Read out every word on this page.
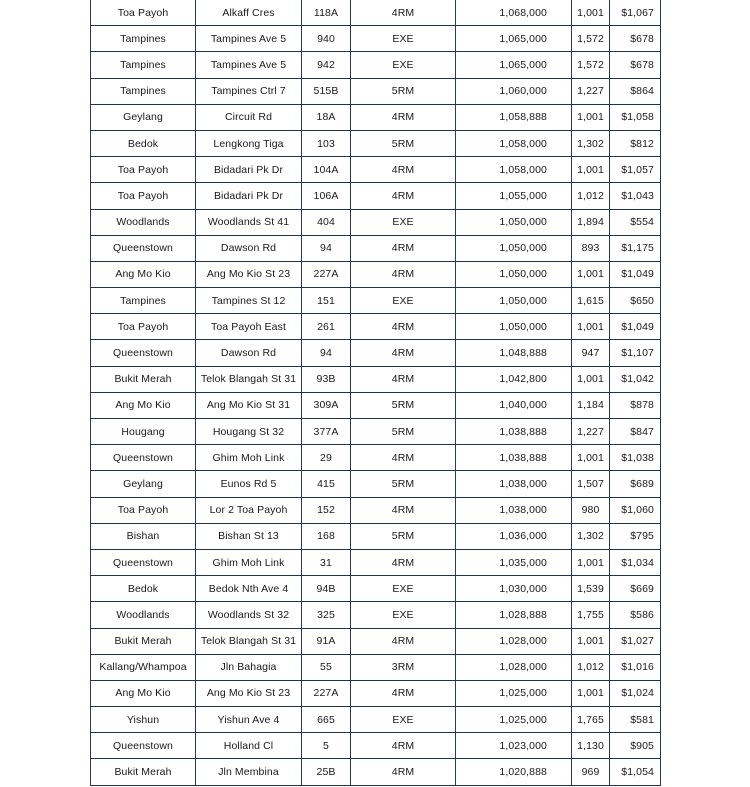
Toa Payoh	Alkaff Cres	118A	4RM	1,068,000	1,001	$1,067
Tampines	Tampines Ave 5	940	EXE	1,065,000	1,572	$678
Tampines	Tampines Ave 5	942	EXE	1,065,000	1,572	$678
Tampines	Tampines Ctrl 7	515B	5RM	1,060,000	1,227	$864
Geylang	Circuit Rd	18A	4RM	1,058,888	1,001	$1,058
Bedok	Lengkong Tiga	103	5RM	1,058,000	1,302	$812
Toa Payoh	Bidadari Pk Dr	104A	4RM	1,058,000	1,001	$1,057
Toa Payoh	Bidadari Pk Dr	106A	4RM	1,055,000	1,012	$1,043
Woodlands	Woodlands St 41	404	EXE	1,050,000	1,894	$554
Queenstown	Dawson Rd	94	4RM	1,050,000	893	$1,175
Ang Mo Kio	Ang Mo Kio St 23	227A	4RM	1,050,000	1,001	$1,049
Tampines	Tampines St 12	151	EXE	1,050,000	1,615	$650
Toa Payoh	Toa Payoh East	261	4RM	1,050,000	1,001	$1,049
Queenstown	Dawson Rd	94	4RM	1,048,888	947	$1,107
Bukit Merah	Telok Blangah St 31	93B	4RM	1,042,800	1,001	$1,042
Ang Mo Kio	Ang Mo Kio St 31	309A	5RM	1,040,000	1,184	$878
Hougang	Hougang St 32	377A	5RM	1,038,888	1,227	$847
Queenstown	Ghim Moh Link	29	4RM	1,038,888	1,001	$1,038
Geylang	Eunos Rd 5	415	5RM	1,038,000	1,507	$689
Toa Payoh	Lor 2 Toa Payoh	152	4RM	1,038,000	980	$1,060
Bishan	Bishan St 13	168	5RM	1,036,000	1,302	$795
Queenstown	Ghim Moh Link	31	4RM	1,035,000	1,001	$1,034
Bedok	Bedok Nth Ave 4	94B	EXE	1,030,000	1,539	$669
Woodlands	Woodlands St 32	325	EXE	1,028,888	1,755	$586
Bukit Merah	Telok Blangah St 31	91A	4RM	1,028,000	1,001	$1,027
Kallang/Whampoa	Jln Bahagia	55	3RM	1,028,000	1,012	$1,016
Ang Mo Kio	Ang Mo Kio St 23	227A	4RM	1,025,000	1,001	$1,024
Yishun	Yishun Ave 4	665	EXE	1,025,000	1,765	$581
Queenstown	Holland Cl	5	4RM	1,023,000	1,130	$905
Bukit Merah	Jln Membina	25B	4RM	1,020,888	969	$1,054
